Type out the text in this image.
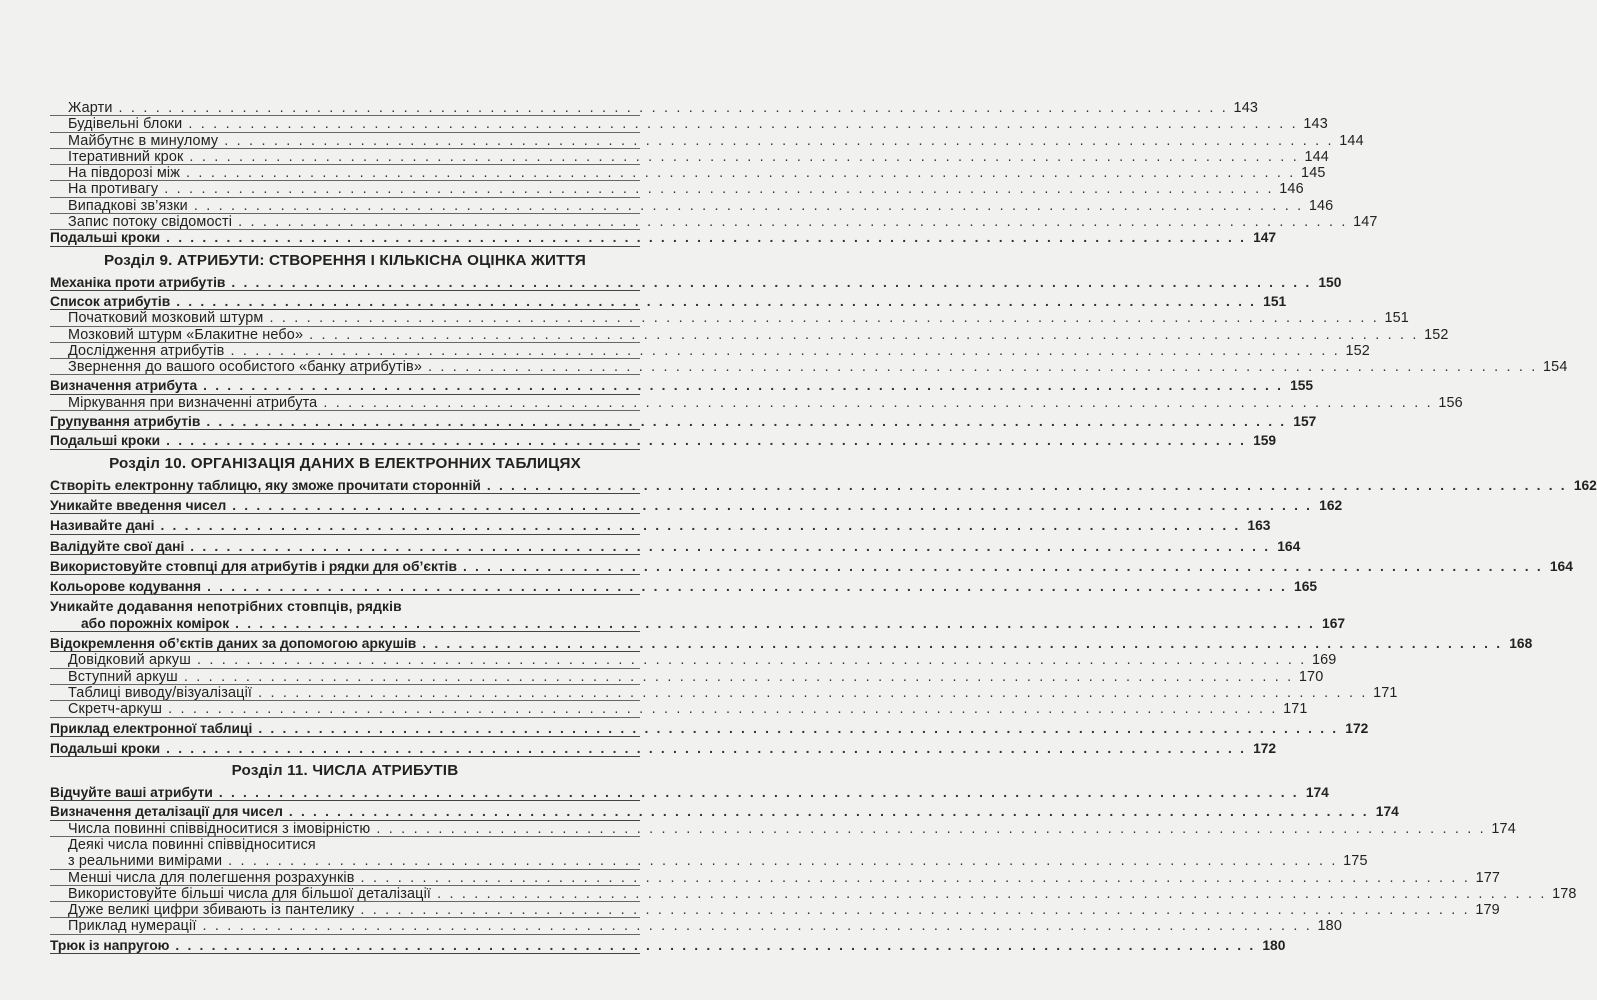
Жарти . . . . . . . . . . . . . . . . . . . . . . . . . . . . . . . . . . . . . . . . . . . . . . . . . . . . . . . . . . . . . . . . . . . . . . . . . . . . . . . . . . . . . . . . . . 143
Будівельні блоки . . . . . . . . . . . . . . . . . . . . . . . . . . . . . . . . . . . . . . . . . . . . . . . . . . . . . . . . . . . . . . . . . . . . . . . . . . . . . . . . . . . . . . . . . . 143
Майбутнє в минулому . . . . . . . . . . . . . . . . . . . . . . . . . . . . . . . . . . . . . . . . . . . . . . . . . . . . . . . . . . . . . . . . . . . . . . . . . . . . . . . . . . . . . . . . . . 144
Ітеративний крок . . . . . . . . . . . . . . . . . . . . . . . . . . . . . . . . . . . . . . . . . . . . . . . . . . . . . . . . . . . . . . . . . . . . . . . . . . . . . . . . . . . . . . . . . . 144
На півдорозі між . . . . . . . . . . . . . . . . . . . . . . . . . . . . . . . . . . . . . . . . . . . . . . . . . . . . . . . . . . . . . . . . . . . . . . . . . . . . . . . . . . . . . . . . . . 145
На противагу . . . . . . . . . . . . . . . . . . . . . . . . . . . . . . . . . . . . . . . . . . . . . . . . . . . . . . . . . . . . . . . . . . . . . . . . . . . . . . . . . . . . . . . . . . 146
Випадкові зв’язки . . . . . . . . . . . . . . . . . . . . . . . . . . . . . . . . . . . . . . . . . . . . . . . . . . . . . . . . . . . . . . . . . . . . . . . . . . . . . . . . . . . . . . . . . . 146
Запис потоку свідомості . . . . . . . . . . . . . . . . . . . . . . . . . . . . . . . . . . . . . . . . . . . . . . . . . . . . . . . . . . . . . . . . . . . . . . . . . . . . . . . . . . . . . . . . . . 147
Подальші кроки . . . . . . . . . . . . . . . . . . . . . . . . . . . . . . . . . . . . . . . . . . . . . . . . . . . . . . . . . . . . . . . . . . . . . . . . . . . . . . . . . . . . . . . . . . 147
Розділ 9. АТРИБУТИ: СТВОРЕННЯ І КІЛЬКІСНА ОЦІНКА ЖИТТЯ
Механіка проти атрибутів . . . . . . . . . . . . . . . . . . . . . . . . . . . . . . . . . . . . . . . . . . . . . . . . . . . . . . . . . . . . . . . . . . . . . . . . . . . . . . . . . . . . . . . . . . 150
Список атрибутів . . . . . . . . . . . . . . . . . . . . . . . . . . . . . . . . . . . . . . . . . . . . . . . . . . . . . . . . . . . . . . . . . . . . . . . . . . . . . . . . . . . . . . . . . . 151
Початковий мозковий штурм . . . . . . . . . . . . . . . . . . . . . . . . . . . . . . . . . . . . . . . . . . . . . . . . . . . . . . . . . . . . . . . . . . . . . . . . . . . . . . . . . . . . . . . . . . 151
Мозковий штурм «Блакитне небо» . . . . . . . . . . . . . . . . . . . . . . . . . . . . . . . . . . . . . . . . . . . . . . . . . . . . . . . . . . . . . . . . . . . . . . . . . . . . . . . . . . . . . . . . . . 152
Дослідження атрибутів . . . . . . . . . . . . . . . . . . . . . . . . . . . . . . . . . . . . . . . . . . . . . . . . . . . . . . . . . . . . . . . . . . . . . . . . . . . . . . . . . . . . . . . . . . 152
Звернення до вашого особистого «банку атрибутів» . . . . . . . . . . . . . . . . . . . . . . . . . . . . . . . . . . . . . . . . . . . . . . . . . . . . . . . . . . . . . . . . . . . . . . . . . . . . . . . . . . . . . . . . . . 154
Визначення атрибута . . . . . . . . . . . . . . . . . . . . . . . . . . . . . . . . . . . . . . . . . . . . . . . . . . . . . . . . . . . . . . . . . . . . . . . . . . . . . . . . . . . . . . . . . . 155
Міркування при визначенні атрибута . . . . . . . . . . . . . . . . . . . . . . . . . . . . . . . . . . . . . . . . . . . . . . . . . . . . . . . . . . . . . . . . . . . . . . . . . . . . . . . . . . . . . . . . . . 156
Групування атрибутів . . . . . . . . . . . . . . . . . . . . . . . . . . . . . . . . . . . . . . . . . . . . . . . . . . . . . . . . . . . . . . . . . . . . . . . . . . . . . . . . . . . . . . . . . . 157
Подальші кроки . . . . . . . . . . . . . . . . . . . . . . . . . . . . . . . . . . . . . . . . . . . . . . . . . . . . . . . . . . . . . . . . . . . . . . . . . . . . . . . . . . . . . . . . . . 159
Розділ 10. ОРГАНІЗАЦІЯ ДАНИХ В ЕЛЕКТРОННИХ ТАБЛИЦЯХ
Створіть електронну таблицю, яку зможе прочитати сторонній . . . . . . . . . . . . . . . . . . . . . . . . . . . . . . . . . . . . . . . . . . . . . . . . . . . . . . . . . . . . . . . . . . . . . . . . . . . . . . . . . . . . . . . . . . 162
Уникайте введення чисел . . . . . . . . . . . . . . . . . . . . . . . . . . . . . . . . . . . . . . . . . . . . . . . . . . . . . . . . . . . . . . . . . . . . . . . . . . . . . . . . . . . . . . . . . . 162
Називайте дані . . . . . . . . . . . . . . . . . . . . . . . . . . . . . . . . . . . . . . . . . . . . . . . . . . . . . . . . . . . . . . . . . . . . . . . . . . . . . . . . . . . . . . . . . . 163
Валідуйте свої дані . . . . . . . . . . . . . . . . . . . . . . . . . . . . . . . . . . . . . . . . . . . . . . . . . . . . . . . . . . . . . . . . . . . . . . . . . . . . . . . . . . . . . . . . . . 164
Використовуйте стовпці для атрибутів і рядки для об’єктів . . . . . . . . . . . . . . . . . . . . . . . . . . . . . . . . . . . . . . . . . . . . . . . . . . . . . . . . . . . . . . . . . . . . . . . . . . . . . . . . . . . . . . . . . . 164
Кольорове кодування . . . . . . . . . . . . . . . . . . . . . . . . . . . . . . . . . . . . . . . . . . . . . . . . . . . . . . . . . . . . . . . . . . . . . . . . . . . . . . . . . . . . . . . . . . 165
Уникайте додавання непотрібних стовпців, рядків
або порожніх комірок . . . . . . . . . . . . . . . . . . . . . . . . . . . . . . . . . . . . . . . . . . . . . . . . . . . . . . . . . . . . . . . . . . . . . . . . . . . . . . . . . . . . . . . . . . 167
Відокремлення об’єктів даних за допомогою аркушів . . . . . . . . . . . . . . . . . . . . . . . . . . . . . . . . . . . . . . . . . . . . . . . . . . . . . . . . . . . . . . . . . . . . . . . . . . . . . . . . . . . . . . . . . . 168
Довідковий аркуш . . . . . . . . . . . . . . . . . . . . . . . . . . . . . . . . . . . . . . . . . . . . . . . . . . . . . . . . . . . . . . . . . . . . . . . . . . . . . . . . . . . . . . . . . . 169
Вступний аркуш . . . . . . . . . . . . . . . . . . . . . . . . . . . . . . . . . . . . . . . . . . . . . . . . . . . . . . . . . . . . . . . . . . . . . . . . . . . . . . . . . . . . . . . . . . 170
Таблиці виводу/візуалізації . . . . . . . . . . . . . . . . . . . . . . . . . . . . . . . . . . . . . . . . . . . . . . . . . . . . . . . . . . . . . . . . . . . . . . . . . . . . . . . . . . . . . . . . . . 171
Скретч-аркуш . . . . . . . . . . . . . . . . . . . . . . . . . . . . . . . . . . . . . . . . . . . . . . . . . . . . . . . . . . . . . . . . . . . . . . . . . . . . . . . . . . . . . . . . . . 171
Приклад електронної таблиці . . . . . . . . . . . . . . . . . . . . . . . . . . . . . . . . . . . . . . . . . . . . . . . . . . . . . . . . . . . . . . . . . . . . . . . . . . . . . . . . . . . . . . . . . . 172
Подальші кроки . . . . . . . . . . . . . . . . . . . . . . . . . . . . . . . . . . . . . . . . . . . . . . . . . . . . . . . . . . . . . . . . . . . . . . . . . . . . . . . . . . . . . . . . . . 172
Розділ 11. ЧИСЛА АТРИБУТІВ
Відчуйте ваші атрибути . . . . . . . . . . . . . . . . . . . . . . . . . . . . . . . . . . . . . . . . . . . . . . . . . . . . . . . . . . . . . . . . . . . . . . . . . . . . . . . . . . . . . . . . . . 174
Визначення деталізації для чисел . . . . . . . . . . . . . . . . . . . . . . . . . . . . . . . . . . . . . . . . . . . . . . . . . . . . . . . . . . . . . . . . . . . . . . . . . . . . . . . . . . . . . . . . . . 174
Числа повинні співвідноситися з імовірністю . . . . . . . . . . . . . . . . . . . . . . . . . . . . . . . . . . . . . . . . . . . . . . . . . . . . . . . . . . . . . . . . . . . . . . . . . . . . . . . . . . . . . . . . . . 174
Деякі числа повинні співвідноситися
з реальними вимірами . . . . . . . . . . . . . . . . . . . . . . . . . . . . . . . . . . . . . . . . . . . . . . . . . . . . . . . . . . . . . . . . . . . . . . . . . . . . . . . . . . . . . . . . . . 175
Менші числа для полегшення розрахунків . . . . . . . . . . . . . . . . . . . . . . . . . . . . . . . . . . . . . . . . . . . . . . . . . . . . . . . . . . . . . . . . . . . . . . . . . . . . . . . . . . . . . . . . . . 177
Використовуйте більші числа для більшої деталізації . . . . . . . . . . . . . . . . . . . . . . . . . . . . . . . . . . . . . . . . . . . . . . . . . . . . . . . . . . . . . . . . . . . . . . . . . . . . . . . . . . . . . . . . . . 178
Дуже великі цифри збивають із пантелику . . . . . . . . . . . . . . . . . . . . . . . . . . . . . . . . . . . . . . . . . . . . . . . . . . . . . . . . . . . . . . . . . . . . . . . . . . . . . . . . . . . . . . . . . . 179
Приклад нумерації . . . . . . . . . . . . . . . . . . . . . . . . . . . . . . . . . . . . . . . . . . . . . . . . . . . . . . . . . . . . . . . . . . . . . . . . . . . . . . . . . . . . . . . . . . 180
Трюк із напругою . . . . . . . . . . . . . . . . . . . . . . . . . . . . . . . . . . . . . . . . . . . . . . . . . . . . . . . . . . . . . . . . . . . . . . . . . . . . . . . . . . . . . . . . . . 180
